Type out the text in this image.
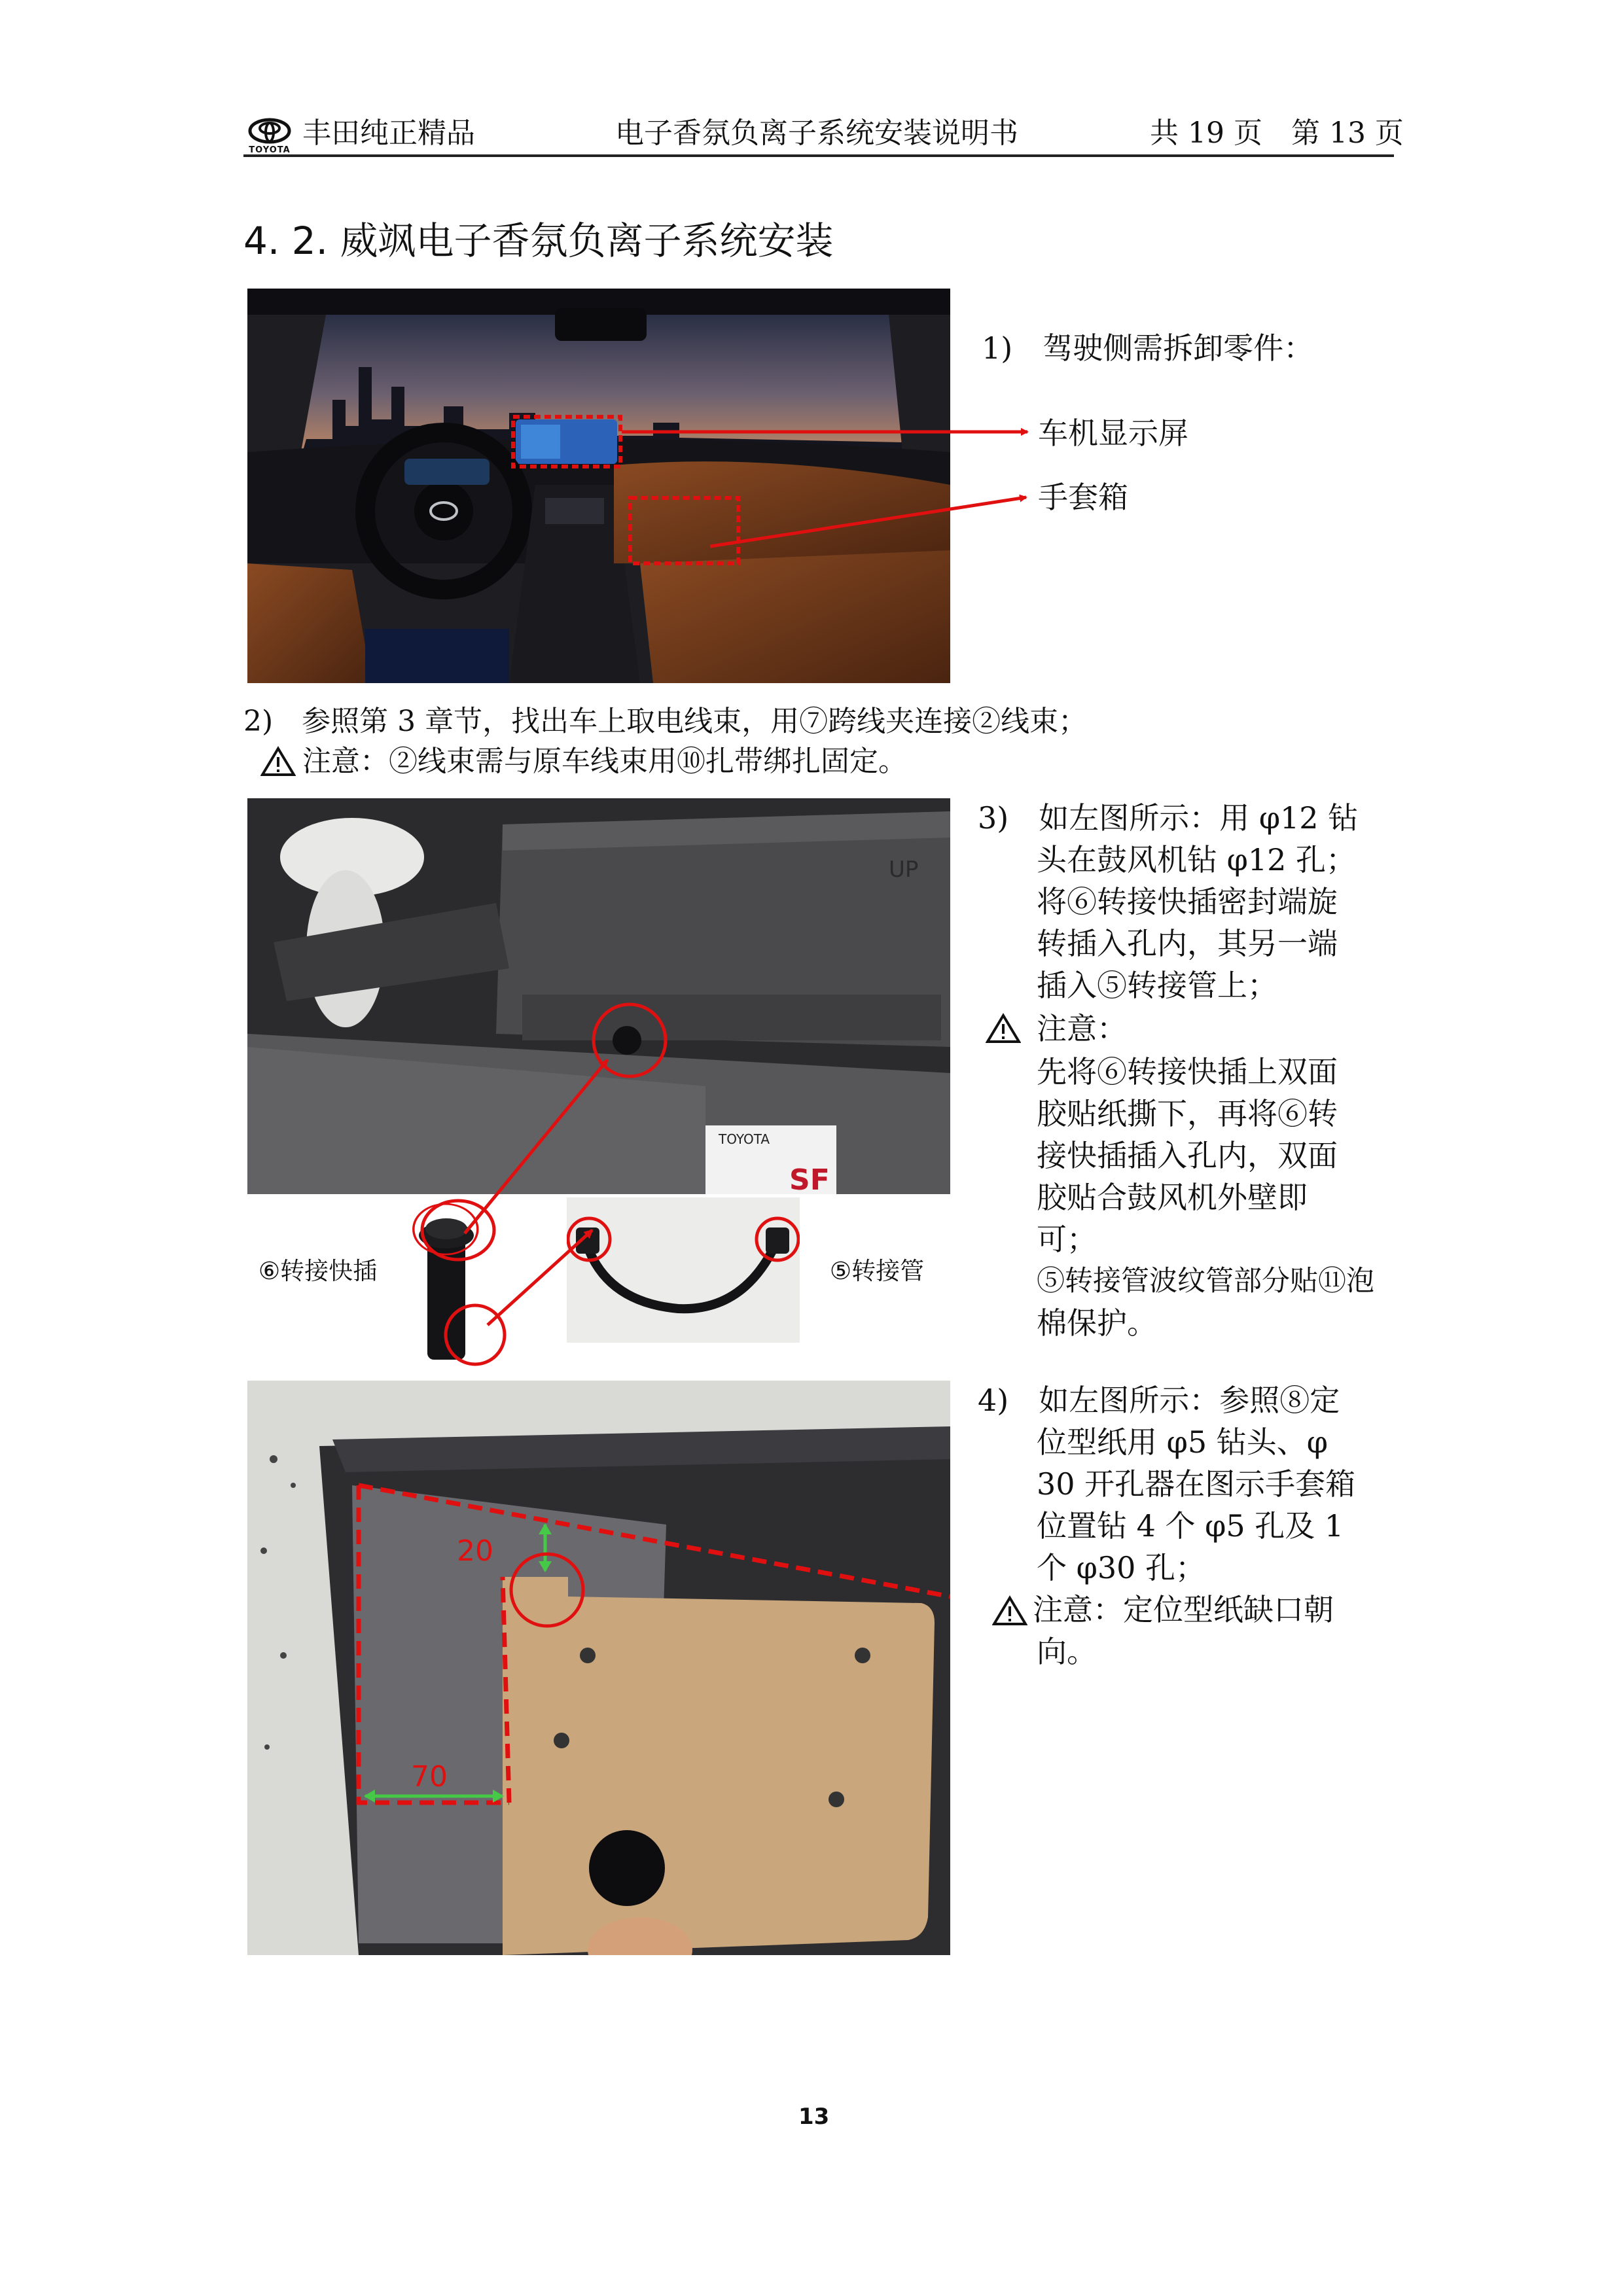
TOYOTA
丰田纯正精品	电子香氛负离子系统安装说明书	共 19 页　第 13 页
4. 2. 威飒电子香氛负离子系统安装
1)　驾驶侧需拆卸零件：
车机显示屏
手套箱
2)　参照第 3 章节，找出车上取电线束，用⑦跨线夹连接②线束；
注意：②线束需与原车线束用⑩扎带绑扎固定。
TOYOTA
SF
UP
⑥转接快插	⑤转接管
3)　如左图所示：用 φ12 钻
头在鼓风机钻 φ12 孔；
将⑥转接快插密封端旋
转插入孔内，其另一端
插入⑤转接管上；
注意：
先将⑥转接快插上双面
胶贴纸撕下，再将⑥转
接快插插入孔内，双面
胶贴合鼓风机外壁即
可；
⑤转接管波纹管部分贴⑪泡
棉保护。
20
70
4)　如左图所示：参照⑧定
位型纸用 φ5 钻头、φ
30 开孔器在图示手套箱
位置钻 4 个 φ5 孔及 1
个 φ30 孔；
注意：定位型纸缺口朝
向。
13
